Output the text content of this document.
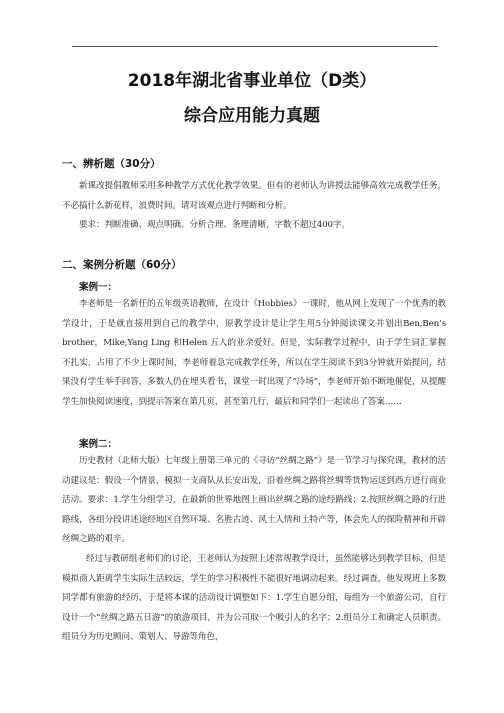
2018年湖北省事业单位（D类）
综合应用能力真题
一、辨析题（30分）

新课改提倡教师采用多种教学方式优化教学效果。但有的老师认为讲授法能够高效完成教学任务，不必搞什么新花样，浪费时间。请对该观点进行判断和分析。

要求：判断准确、观点明确、分析合理、条理清晰，字数不超过400字。

二、案例分析题（60分）
案例一：

李老师是一名新任的五年级英语教师，在设计《Hobbies》一课时，他从网上发现了一个优秀的教学设计，于是就直接用到自己的教学中，原教学设计是让学生用5分钟阅读课文并划出Ben,Ben’s brother，Mike,Yang Ling 和Helen 五人的业余爱好。但是，实际教学过程中，由于学生词汇掌握不扎实，占用了不少上课时间，李老师着急完成教学任务，所以在学生阅读不到3分钟就开始提问，结果没有学生举手回答，多数人仍在埋头看书，课堂一时出现了“冷场”，李老师开始不断地催促，从提醒学生加快阅读速度，到提示答案在第几页，甚至第几行，最后和同学们一起读出了答案……

案例二：

历史教材（北师大版）七年级上册第三单元的《寻访“丝绸之路”》是一节学习与探究课，教材的活动建议是：假设一个情景，模拟一支商队从长安出发，沿着丝绸之路将丝绸等货物运送到西方进行商业活动。要求：1.学生分组学习，在最新的世界地图上画出丝绸之路的途经路线；2.按照丝绸之路的行进路线，各组分段讲述途经地区自然环境、名胜古迹、风土人情和土特产等，体会先人的探险精神和开辟丝绸之路的艰辛。

经过与教研组老师们的讨论，王老师认为按照上述常规教学设计，虽然能够达到教学目标，但是模拟商人距离学生实际生活较远，学生的学习积极性不能很好地调动起来。经过调查，他发现班上多数同学都有旅游的经历，于是将本课的活动设计调整如下：1.学生自愿分组，每组为一个旅游公司，自行设计一个“丝绸之路五日游”的旅游项目，并为公司取一个吸引人的名字；2.组员分工和确定人员职责。组员分为历史顾问、策划人、导游等角色，
